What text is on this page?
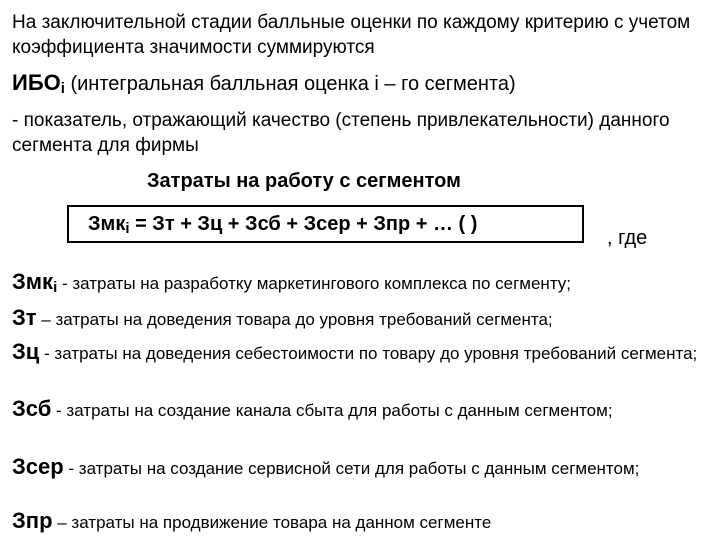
На заключительной стадии балльные оценки по каждому критерию с учетом коэффициента значимости суммируются
$ИБО_i$ (интегральная балльная оценка i – го сегмента)
- показатель, отражающий качество (степень привлекательности) данного сегмента для фирмы
Затраты на работу с сегментом
Змк$_i$ = Зт + Зц + Зсб + Зсер + Зпр + … ( )
, где
Змк$_i$ - затраты на разработку маркетингового комплекса по сегменту;
Зт – затраты на доведения товара до уровня требований сегмента;
Зц - затраты на доведения себестоимости по товару до уровня требований сегмента;
Зсб - затраты на создание канала сбыта для работы с данным сегментом;
Зсер - затраты на создание сервисной сети для работы с данным сегментом;
Зпр – затраты на продвижение товара на данном сегменте
